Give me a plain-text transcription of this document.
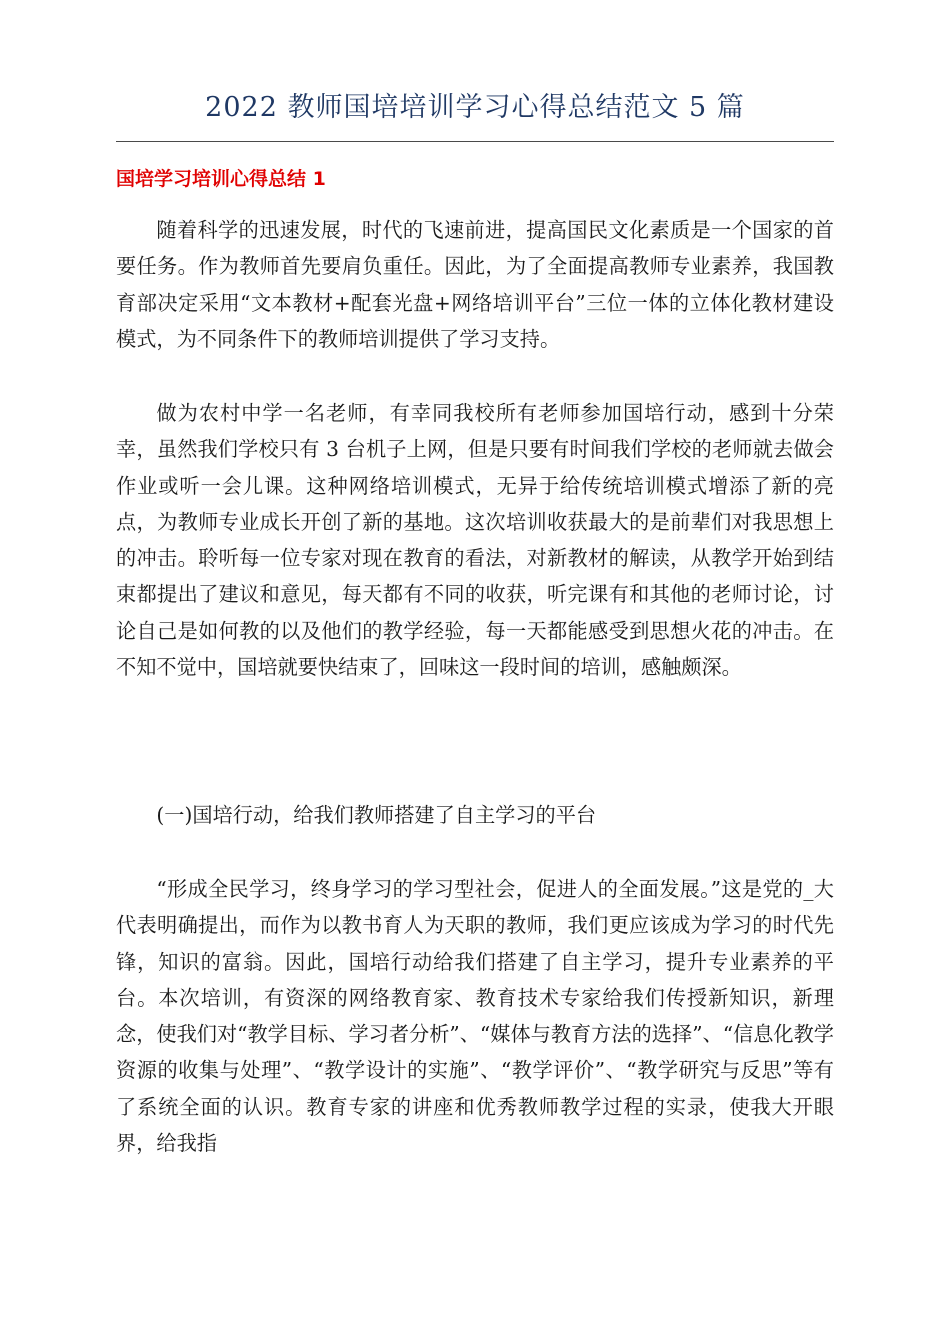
2022 教师国培培训学习心得总结范文 5 篇
国培学习培训心得总结 1

随着科学的迅速发展，时代的飞速前进，提高国民文化素质是一个国家的首要任务。作为教师首先要肩负重任。因此，为了全面提高教师专业素养，我国教育部决定采用“文本教材+配套光盘+网络培训平台”三位一体的立体化教材建设模式，为不同条件下的教师培训提供了学习支持。

做为农村中学一名老师，有幸同我校所有老师参加国培行动，感到十分荣幸，虽然我们学校只有 3 台机子上网，但是只要有时间我们学校的老师就去做会作业或听一会儿课。这种网络培训模式，无异于给传统培训模式增添了新的亮点，为教师专业成长开创了新的基地。这次培训收获最大的是前辈们对我思想上的冲击。聆听每一位专家对现在教育的看法，对新教材的解读，从教学开始到结束都提出了建议和意见，每天都有不同的收获，听完课有和其他的老师讨论，讨论自己是如何教的以及他们的教学经验，每一天都能感受到思想火花的冲击。在不知不觉中，国培就要快结束了，回味这一段时间的培训，感触颇深。

(一)国培行动，给我们教师搭建了自主学习的平台

“形成全民学习，终身学习的学习型社会，促进人的全面发展。”这是党的_大代表明确提出，而作为以教书育人为天职的教师，我们更应该成为学习的时代先锋，知识的富翁。因此，国培行动给我们搭建了自主学习，提升专业素养的平台。本次培训，有资深的网络教育家、教育技术专家给我们传授新知识，新理念，使我们对“教学目标、学习者分析”、“媒体与教育方法的选择”、“信息化教学资源的收集与处理”、“教学设计的实施”、“教学评价”、“教学研究与反思”等有了系统全面的认识。教育专家的讲座和优秀教师教学过程的实录，使我大开眼界，给我指
